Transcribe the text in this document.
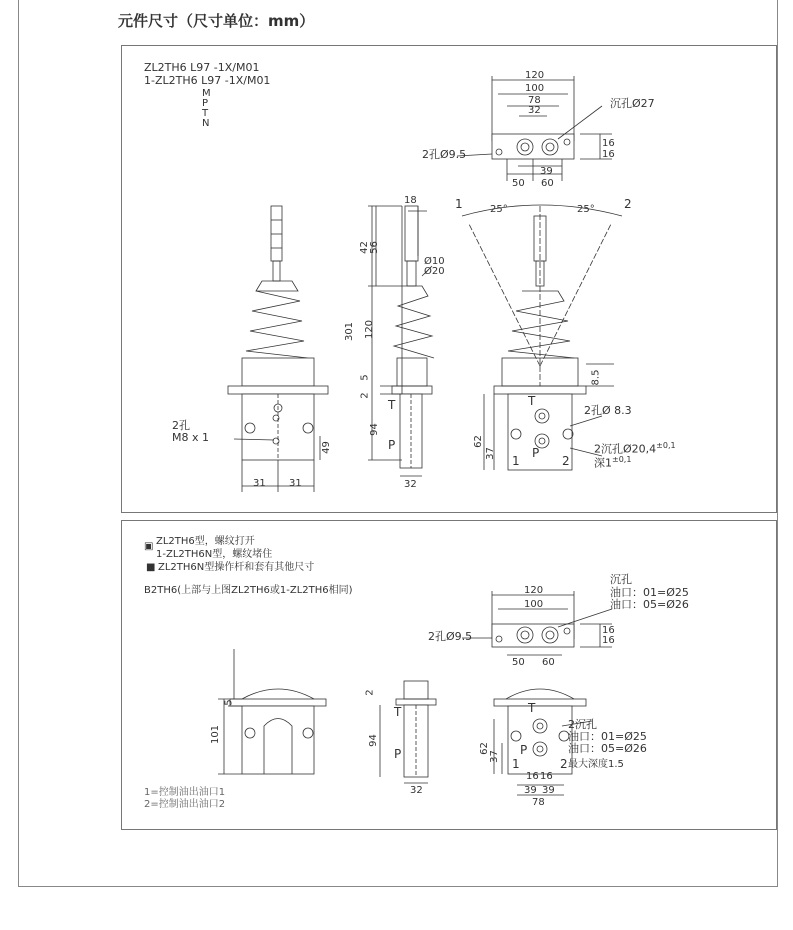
元件尺寸（尺寸单位：mm）
ZL2TH6 L97 -1X/M01
1-ZL2TH6 L97 -1X/M01
M
P
T
N
120
100
78
32
39
50 60
16
16
沉孔Ø27
2孔Ø9.5
18
42 56
Ø10
Ø20
301 120
5
2
94
32
T
P
2孔
M8 x 1
49
31 31
25°	25°
1	2
8.5
62
37
T
P
1	2
2孔Ø 8.3
2沉孔$Ø20,4^{\pm 0,1}$
深$1^{\pm 0,1}$
▣ ZL2TH6型，螺纹打开
1-ZL2TH6N型，螺纹堵住
■ ZL2TH6N型操作杆和套有其他尺寸
B2TH6(上部与上图ZL2TH6或1-ZL2TH6相同)	120
100
50 60
16
16
2孔Ø9.5
沉孔
油口：01=Ø25
油口：05=Ø26
5
101
2
94
32
T
P	62
37
16 16
39 39
78
T
P
1	2
2沉孔
油口：01=Ø25
油口：05=Ø26
最大深度1.5
1=控制油出油口1
2=控制油出油口2
